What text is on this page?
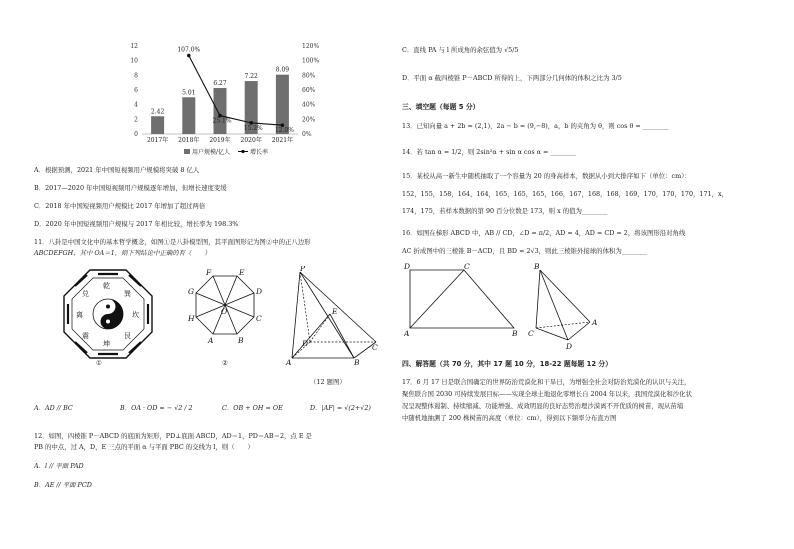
0
2
4
6
8
10
12
0%
20%
40%
60%
80%
100%
120%
2.42
2017年
5.01
2018年
6.27
2019年
7.22
2020年
8.09
2021年
107.0%
25.1%
15.2% 12.0%
用户规模/亿人	增长率
A．根据预测，2021 年中国短视频用户规模将突破 8 亿人
B．2017—2020 年中国短视频用户规模逐年增加，但增长速度变缓
C．2018 年中国短视频用户规模比 2017 年增加了超过两倍
D．2020 年中国短视频用户规模与 2017 年相比较，增长率为 198.3%
11．八卦是中国文化中的基本哲学概念，如图①是八卦模型图，其平面图形记为图②中的正八边形
ABCDEFGH，其中 OA＝1，则下列结论中正确的有（　　）
乾
坤
离	坎
兑	巽
震	艮
①
F	E
D
C
B
A
H
G
O
②
P
E
A	B
C
D
（12 题图）
A．AD // BC	B．OA · OD = − √2 / 2	C．OB + OH = OE	D．|AF| = √(2+√2)
12．如图，四棱锥 P－ABCD 的底面为矩形，PD⊥底面 ABCD，AD＝1，PD＝AB＝2，点 E 是
PB 的中点，过 A，D，E 三点的平面 α 与平面 PBC 的交线为 l，则（　　）
A．l // 平面 PAD
B．AE // 平面 PCD
C．直线 PA 与 l 所成角的余弦值为 √5/5
D．平面 α 截四棱锥 P－ABCD 所得的上，下两部分几何体的体积之比为 3/5
三、填空题（每题 5 分）
13．已知向量 a + 2b = (2,1)，2a − b = (9,−8)，a，b 的夹角为 θ，则 cos θ = ________
14．若 tan α = 1/2，则 2sin²α + sin α cos α = ________
15．某校从高一新生中随机抽取了一个容量为 20 的身高样本，数据从小到大排序如下（单位：cm）：
152，155，158，164，164，165，165，165，166，167，168，168，169，170，170，170，171，x，
174，175，若样本数据的第 90 百分位数是 173，则 x 的值为________
16．如图在梯形 ABCD 中，AB // CD，∠D = π/2，AD = 4，AD = CD = 2，将该图形沿对角线
AC 折成图中的三棱锥 B－ACD，且 BD = 2√3，则此三棱锥外接球的体积为________
D	C
A	B
B
C
A
D
四、解答题（共 70 分，其中 17 题 10 分，18-22 题每题 12 分）
17．6 月 17 日是联合国确定的世界防治荒漠化和干旱日，为增强全社会对防治荒漠化的认识与关注，
聚焦联合国 2030 可持续发展目标——实现全球土地退化零增长自 2004 年以来，我国荒漠化和沙化状
况呈现整体遏制、持续缩减、功能增强、成效明显的良好态势治理沙漠离不开优质的树苗，现从苗埔
中随机地抽测了 200 株树苗的高度（单位：cm），得到以下频率分布直方图
